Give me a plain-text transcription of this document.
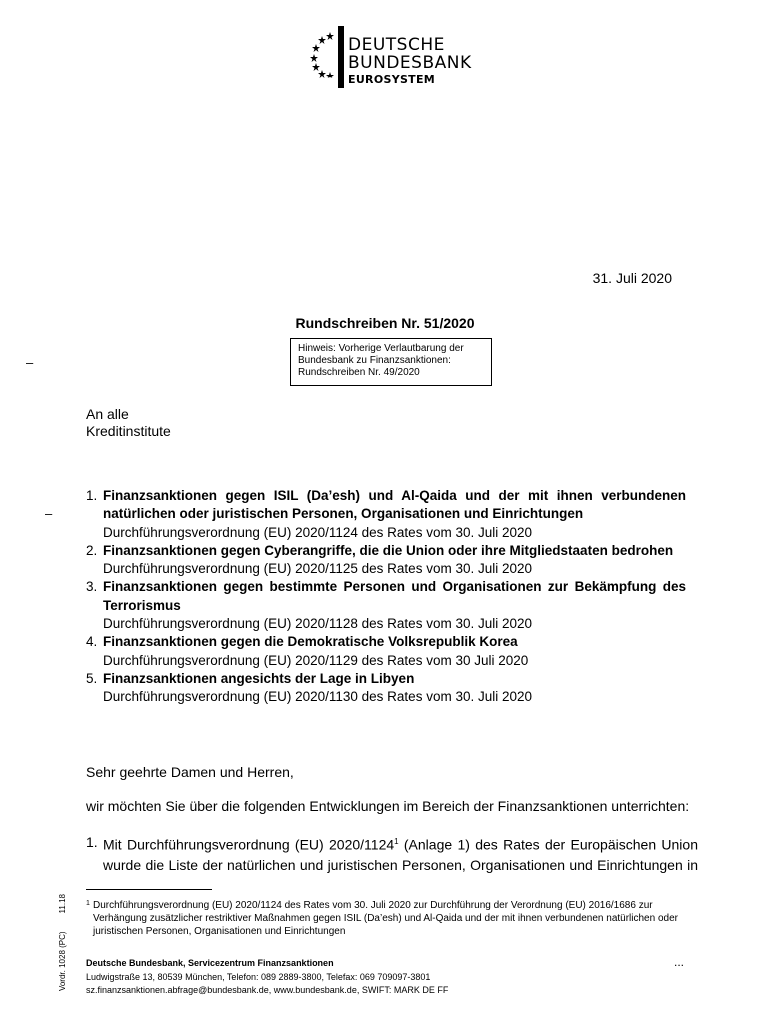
DEUTSCHE
BUNDESBANK
EUROSYSTEM
31. Juli 2020
Rundschreiben Nr. 51/2020
Hinweis: Vorherige Verlautbarung der
Bundesbank zu Finanzsanktionen:
Rundschreiben Nr. 49/2020
–
–
An alle
Kreditinstitute
1. Finanzsanktionen gegen ISIL (Da’esh) und Al-Qaida und der mit ihnen verbundenen natürlichen oder juristischen Personen, Organisationen und Einrichtungen
Durchführungsverordnung (EU) 2020/1124 des Rates vom 30. Juli 2020
2. Finanzsanktionen gegen Cyberangriffe, die die Union oder ihre Mitgliedstaaten bedrohen
Durchführungsverordnung (EU) 2020/1125 des Rates vom 30. Juli 2020
3. Finanzsanktionen gegen bestimmte Personen und Organisationen zur Bekämpfung des Terrorismus
Durchführungsverordnung (EU) 2020/1128 des Rates vom 30. Juli 2020
4. Finanzsanktionen gegen die Demokratische Volksrepublik Korea
Durchführungsverordnung (EU) 2020/1129 des Rates vom 30 Juli 2020
5. Finanzsanktionen angesichts der Lage in Libyen
Durchführungsverordnung (EU) 2020/1130 des Rates vom 30. Juli 2020
Sehr geehrte Damen und Herren,
wir möchten Sie über die folgenden Entwicklungen im Bereich der Finanzsanktionen unterrichten:
1. Mit Durchführungsverordnung (EU) 2020/1124$^1$ (Anlage 1) des Rates der Europäischen Union wurde die Liste der natürlichen und juristischen Personen, Organisationen und Einrichtungen in
1 Durchführungsverordnung (EU) 2020/1124 des Rates vom 30. Juli 2020 zur Durchführung der Verordnung (EU) 2016/1686 zur Verhängung zusätzlicher restriktiver Maßnahmen gegen ISIL (Da’esh) und Al-Qaida und der mit ihnen verbundenen natürlichen oder juristischen Personen, Organisationen und Einrichtungen
Vordr. 1028 (PC)11.18
...
Deutsche Bundesbank, Servicezentrum Finanzsanktionen
Ludwigstraße 13, 80539 München, Telefon: 089 2889-3800, Telefax: 069 709097-3801
sz.finanzsanktionen.abfrage@bundesbank.de, www.bundesbank.de, SWIFT: MARK DE FF
